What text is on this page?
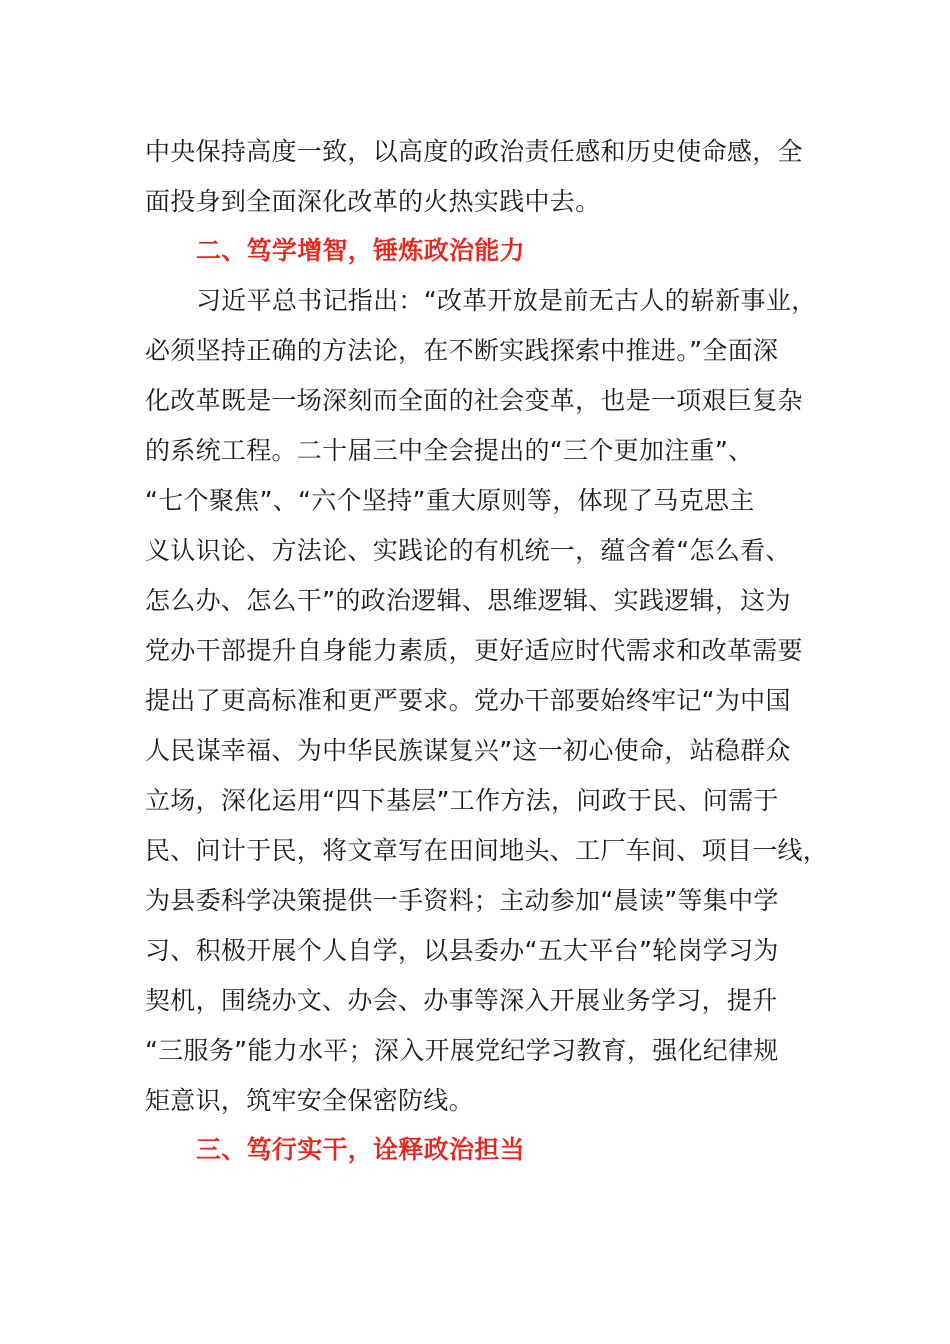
中央保持高度一致，以高度的政治责任感和历史使命感，全
面投身到全面深化改革的火热实践中去。
二、笃学增智，锤炼政治能力
习近平总书记指出：“改革开放是前无古人的崭新事业，
必须坚持正确的方法论，在不断实践探索中推进。”全面深
化改革既是一场深刻而全面的社会变革，也是一项艰巨复杂
的系统工程。二十届三中全会提出的“三个更加注重”、
“七个聚焦”、“六个坚持”重大原则等，体现了马克思主
义认识论、方法论、实践论的有机统一，蕴含着“怎么看、
怎么办、怎么干”的政治逻辑、思维逻辑、实践逻辑，这为
党办干部提升自身能力素质，更好适应时代需求和改革需要
提出了更高标准和更严要求。党办干部要始终牢记“为中国
人民谋幸福、为中华民族谋复兴”这一初心使命，站稳群众
立场，深化运用“四下基层”工作方法，问政于民、问需于
民、问计于民，将文章写在田间地头、工厂车间、项目一线，
为县委科学决策提供一手资料；主动参加“晨读”等集中学
习、积极开展个人自学，以县委办“五大平台”轮岗学习为
契机，围绕办文、办会、办事等深入开展业务学习，提升
“三服务”能力水平；深入开展党纪学习教育，强化纪律规
矩意识，筑牢安全保密防线。
三、笃行实干，诠释政治担当
